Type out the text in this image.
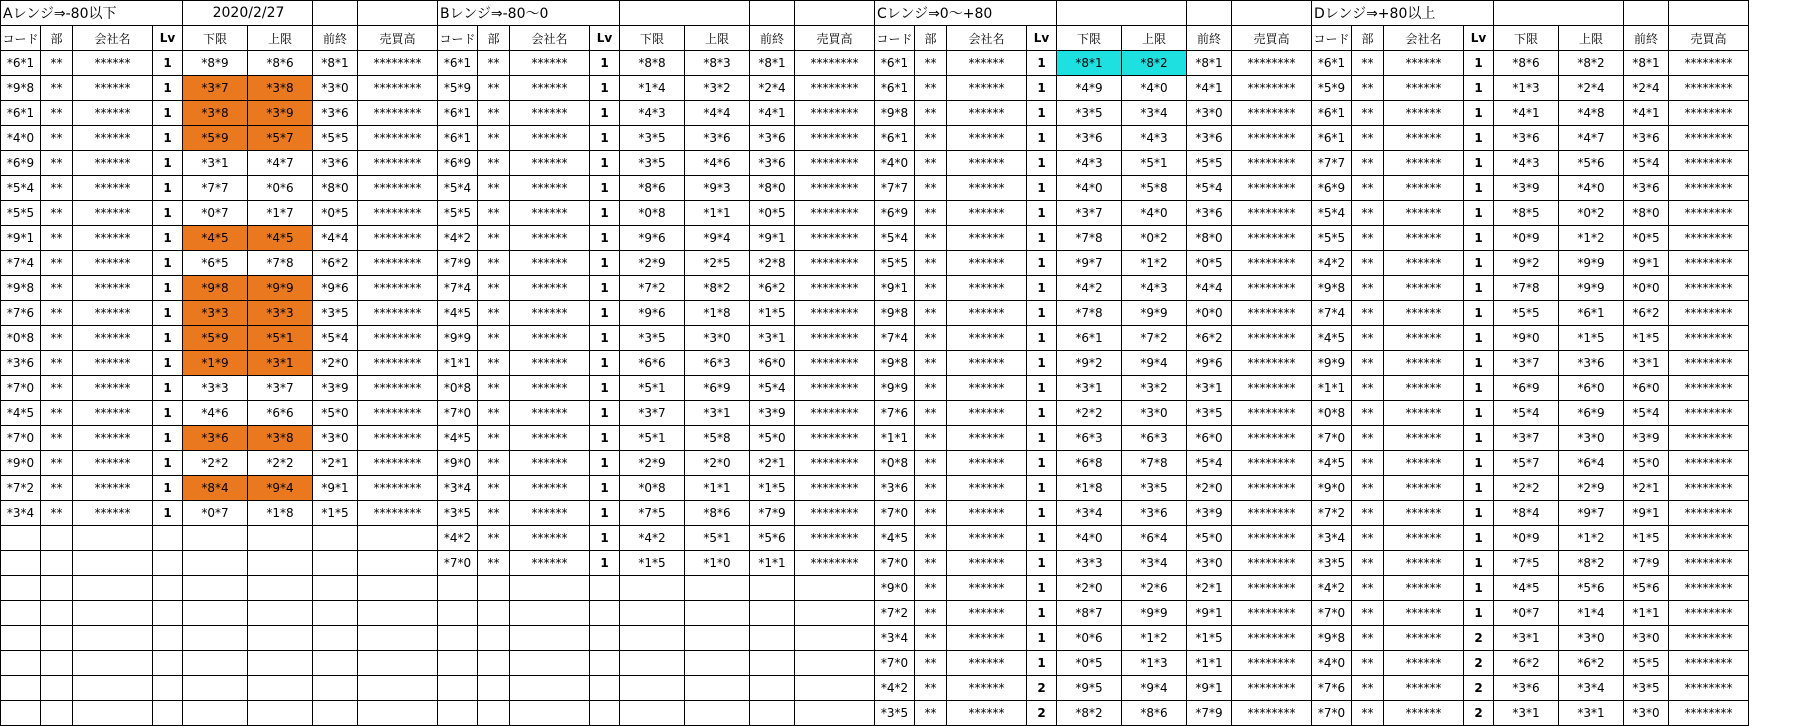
Aレンジ⇒-80以下				2020/2/27				Bレンジ⇒-80～0								Cレンジ⇒0～+80								Dレンジ⇒+80以上							
コード	部	会社名	Lv	下限	上限	前終	売買高	コード	部	会社名	Lv	下限	上限	前終	売買高	コード	部	会社名	Lv	下限	上限	前終	売買高	コード	部	会社名	Lv	下限	上限	前終	売買高
*6*1	**	******	1	*8*9	*8*6	*8*1	********	*6*1	**	******	1	*8*8	*8*3	*8*1	********	*6*1	**	******	1	*8*1	*8*2	*8*1	********	*6*1	**	******	1	*8*6	*8*2	*8*1	********
*9*8	**	******	1	*3*7	*3*8	*3*0	********	*5*9	**	******	1	*1*4	*3*2	*2*4	********	*6*1	**	******	1	*4*9	*4*0	*4*1	********	*5*9	**	******	1	*1*3	*2*4	*2*4	********
*6*1	**	******	1	*3*8	*3*9	*3*6	********	*6*1	**	******	1	*4*3	*4*4	*4*1	********	*9*8	**	******	1	*3*5	*3*4	*3*0	********	*6*1	**	******	1	*4*1	*4*8	*4*1	********
*4*0	**	******	1	*5*9	*5*7	*5*5	********	*6*1	**	******	1	*3*5	*3*6	*3*6	********	*6*1	**	******	1	*3*6	*4*3	*3*6	********	*6*1	**	******	1	*3*6	*4*7	*3*6	********
*6*9	**	******	1	*3*1	*4*7	*3*6	********	*6*9	**	******	1	*3*5	*4*6	*3*6	********	*4*0	**	******	1	*4*3	*5*1	*5*5	********	*7*7	**	******	1	*4*3	*5*6	*5*4	********
*5*4	**	******	1	*7*7	*0*6	*8*0	********	*5*4	**	******	1	*8*6	*9*3	*8*0	********	*7*7	**	******	1	*4*0	*5*8	*5*4	********	*6*9	**	******	1	*3*9	*4*0	*3*6	********
*5*5	**	******	1	*0*7	*1*7	*0*5	********	*5*5	**	******	1	*0*8	*1*1	*0*5	********	*6*9	**	******	1	*3*7	*4*0	*3*6	********	*5*4	**	******	1	*8*5	*0*2	*8*0	********
*9*1	**	******	1	*4*5	*4*5	*4*4	********	*4*2	**	******	1	*9*6	*9*4	*9*1	********	*5*4	**	******	1	*7*8	*0*2	*8*0	********	*5*5	**	******	1	*0*9	*1*2	*0*5	********
*7*4	**	******	1	*6*5	*7*8	*6*2	********	*7*9	**	******	1	*2*9	*2*5	*2*8	********	*5*5	**	******	1	*9*7	*1*2	*0*5	********	*4*2	**	******	1	*9*2	*9*9	*9*1	********
*9*8	**	******	1	*9*8	*9*9	*9*6	********	*7*4	**	******	1	*7*2	*8*2	*6*2	********	*9*1	**	******	1	*4*2	*4*3	*4*4	********	*9*8	**	******	1	*7*8	*9*9	*0*0	********
*7*6	**	******	1	*3*3	*3*3	*3*5	********	*4*5	**	******	1	*9*6	*1*8	*1*5	********	*9*8	**	******	1	*7*8	*9*9	*0*0	********	*7*4	**	******	1	*5*5	*6*1	*6*2	********
*0*8	**	******	1	*5*9	*5*1	*5*4	********	*9*9	**	******	1	*3*5	*3*0	*3*1	********	*7*4	**	******	1	*6*1	*7*2	*6*2	********	*4*5	**	******	1	*9*0	*1*5	*1*5	********
*3*6	**	******	1	*1*9	*3*1	*2*0	********	*1*1	**	******	1	*6*6	*6*3	*6*0	********	*9*8	**	******	1	*9*2	*9*4	*9*6	********	*9*9	**	******	1	*3*7	*3*6	*3*1	********
*7*0	**	******	1	*3*3	*3*7	*3*9	********	*0*8	**	******	1	*5*1	*6*9	*5*4	********	*9*9	**	******	1	*3*1	*3*2	*3*1	********	*1*1	**	******	1	*6*9	*6*0	*6*0	********
*4*5	**	******	1	*4*6	*6*6	*5*0	********	*7*0	**	******	1	*3*7	*3*1	*3*9	********	*7*6	**	******	1	*2*2	*3*0	*3*5	********	*0*8	**	******	1	*5*4	*6*9	*5*4	********
*7*0	**	******	1	*3*6	*3*8	*3*0	********	*4*5	**	******	1	*5*1	*5*8	*5*0	********	*1*1	**	******	1	*6*3	*6*3	*6*0	********	*7*0	**	******	1	*3*7	*3*0	*3*9	********
*9*0	**	******	1	*2*2	*2*2	*2*1	********	*9*0	**	******	1	*2*9	*2*0	*2*1	********	*0*8	**	******	1	*6*8	*7*8	*5*4	********	*4*5	**	******	1	*5*7	*6*4	*5*0	********
*7*2	**	******	1	*8*4	*9*4	*9*1	********	*3*4	**	******	1	*0*8	*1*1	*1*5	********	*3*6	**	******	1	*1*8	*3*5	*2*0	********	*9*0	**	******	1	*2*2	*2*9	*2*1	********
*3*4	**	******	1	*0*7	*1*8	*1*5	********	*3*5	**	******	1	*7*5	*8*6	*7*9	********	*7*0	**	******	1	*3*4	*3*6	*3*9	********	*7*2	**	******	1	*8*4	*9*7	*9*1	********
								*4*2	**	******	1	*4*2	*5*1	*5*6	********	*4*5	**	******	1	*4*0	*6*4	*5*0	********	*3*4	**	******	1	*0*9	*1*2	*1*5	********
								*7*0	**	******	1	*1*5	*1*0	*1*1	********	*7*0	**	******	1	*3*3	*3*4	*3*0	********	*3*5	**	******	1	*7*5	*8*2	*7*9	********
																*9*0	**	******	1	*2*0	*2*6	*2*1	********	*4*2	**	******	1	*4*5	*5*6	*5*6	********
																*7*2	**	******	1	*8*7	*9*9	*9*1	********	*7*0	**	******	1	*0*7	*1*4	*1*1	********
																*3*4	**	******	1	*0*6	*1*2	*1*5	********	*9*8	**	******	2	*3*1	*3*0	*3*0	********
																*7*0	**	******	1	*0*5	*1*3	*1*1	********	*4*0	**	******	2	*6*2	*6*2	*5*5	********
																*4*2	**	******	2	*9*5	*9*4	*9*1	********	*7*6	**	******	2	*3*6	*3*4	*3*5	********
																*3*5	**	******	2	*8*2	*8*6	*7*9	********	*7*0	**	******	2	*3*1	*3*1	*3*0	********
